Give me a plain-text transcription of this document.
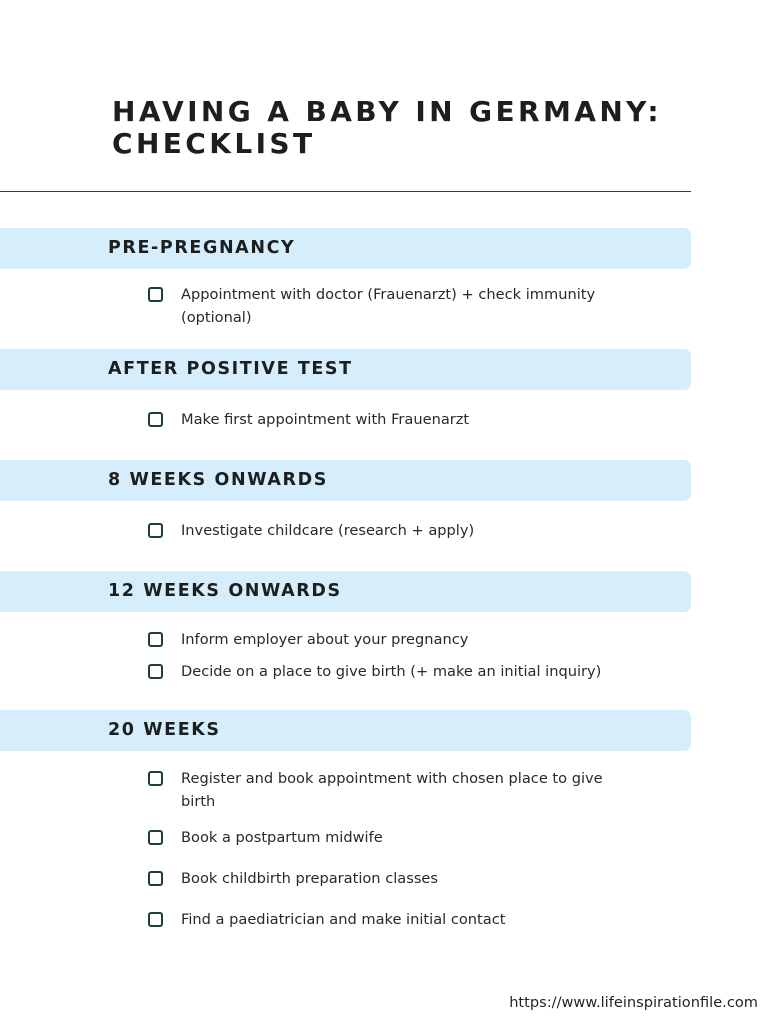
HAVING A BABY IN GERMANY: CHECKLIST
PRE-PREGNANCY
Appointment with doctor (Frauenarzt) + check immunity (optional)
AFTER POSITIVE TEST
Make first appointment with Frauenarzt
8 WEEKS ONWARDS
Investigate childcare (research + apply)
12 WEEKS ONWARDS
Inform employer about your pregnancy
Decide on a place to give birth (+ make an initial inquiry)
20 WEEKS
Register and book appointment with chosen place to give birth
Book a postpartum midwife
Book childbirth preparation classes
Find a paediatrician and make initial contact
https://www.lifeinspirationfile.com
